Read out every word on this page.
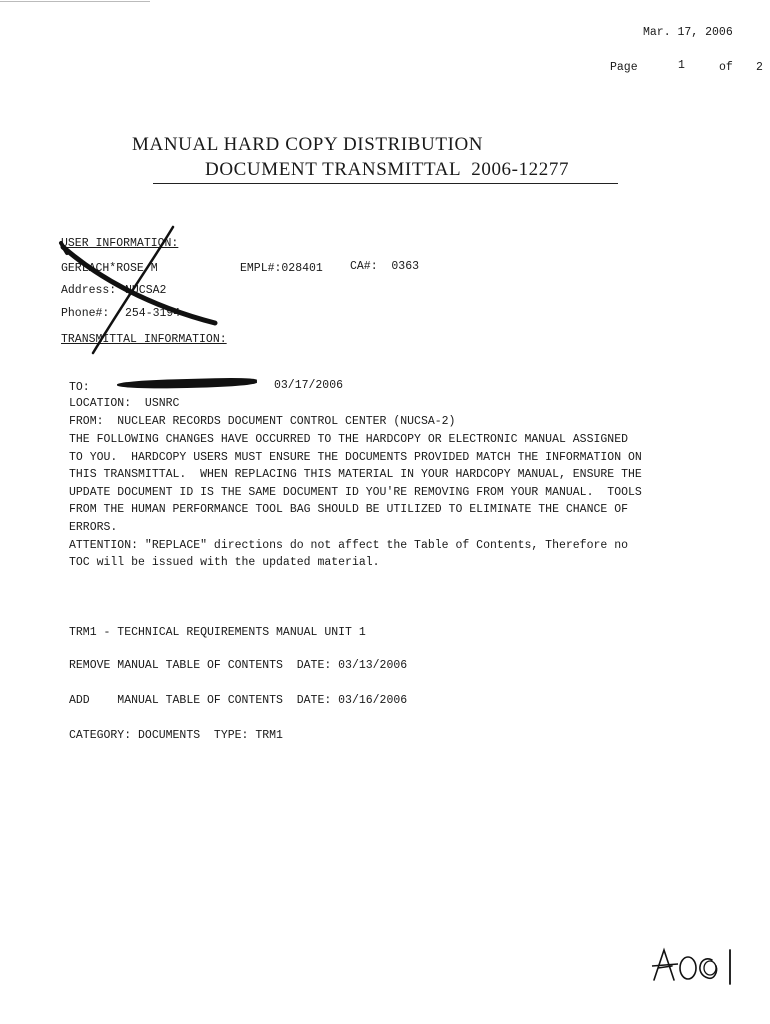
Mar. 17, 2006
Page	1	of 2
MANUAL HARD COPY DISTRIBUTION
DOCUMENT TRANSMITTAL  2006-12277
USER INFORMATION:
GERLACH*ROSE M	EMPL#:028401 CA#:  0363
Address: NUCSA2
Phone#: 254-3194
TRANSMITTAL INFORMATION:
TO:	03/17/2006
LOCATION:  USNRC
FROM:  NUCLEAR RECORDS DOCUMENT CONTROL CENTER (NUCSA-2)
THE FOLLOWING CHANGES HAVE OCCURRED TO THE HARDCOPY OR ELECTRONIC MANUAL ASSIGNED
TO YOU.  HARDCOPY USERS MUST ENSURE THE DOCUMENTS PROVIDED MATCH THE INFORMATION ON
THIS TRANSMITTAL.  WHEN REPLACING THIS MATERIAL IN YOUR HARDCOPY MANUAL, ENSURE THE
UPDATE DOCUMENT ID IS THE SAME DOCUMENT ID YOU'RE REMOVING FROM YOUR MANUAL.  TOOLS
FROM THE HUMAN PERFORMANCE TOOL BAG SHOULD BE UTILIZED TO ELIMINATE THE CHANCE OF
ERRORS.
ATTENTION: "REPLACE" directions do not affect the Table of Contents, Therefore no
TOC will be issued with the updated material.
TRM1 - TECHNICAL REQUIREMENTS MANUAL UNIT 1
REMOVE MANUAL TABLE OF CONTENTS  DATE: 03/13/2006
ADD    MANUAL TABLE OF CONTENTS  DATE: 03/16/2006
CATEGORY: DOCUMENTS  TYPE: TRM1
